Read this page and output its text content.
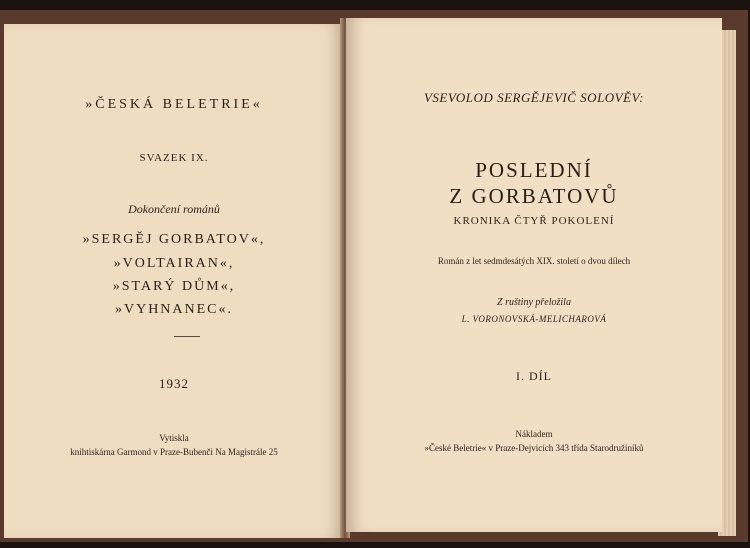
»ČESKÁ BELETRIE«
SVAZEK IX.
Dokončení románů
»SERGĚJ GORBATOV«,
»VOLTAIRAN«,
»STARÝ DŮM«,
»VYHNANEC«.
1932
Vytiskla
knihtiskárna Garmond v Praze-Bubenči Na Magistrále 25
VSEVOLOD SERGĚJEVIČ SOLOVĚV:
POSLEDNÍ
Z GORBATOVŮ
KRONIKA ČTYŘ POKOLENÍ
Román z let sedmdesátých XIX. století o dvou dílech
Z ruštiny přeložila
L. VORONOVSKÁ-MELICHAROVÁ
I. DÍL
Nákladem
»České Beletrie« v Praze-Dejvicích 343 třída Starodružiníků
